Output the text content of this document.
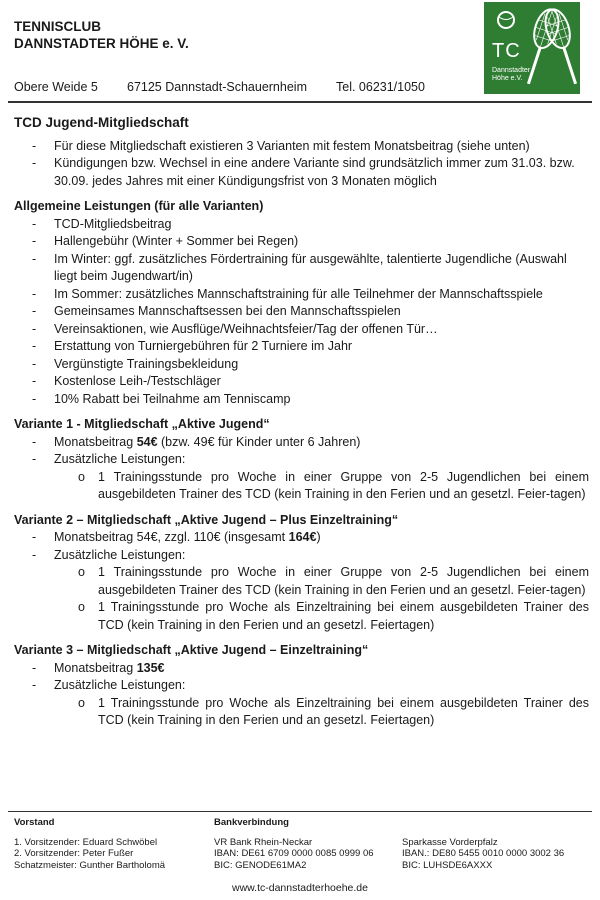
TENNISCLUB
DANNSTADTER HÖHE e. V.	TC
Dannstadter Höhe e.V.
Obere Weide 5 67125 Dannstadt-Schauernheim Tel. 06231/1050
TCD Jugend-Mitgliedschaft
-	Für diese Mitgliedschaft existieren 3 Varianten mit festem Monatsbeitrag (siehe unten)
-	Kündigungen bzw. Wechsel in eine andere Variante sind grundsätzlich immer zum 31.03. bzw. 30.09. jedes Jahres mit einer Kündigungsfrist von 3 Monaten möglich
Allgemeine Leistungen (für alle Varianten)
-	TCD-Mitgliedsbeitrag
-	Hallengebühr (Winter + Sommer bei Regen)
-	Im Winter: ggf. zusätzliches Fördertraining für ausgewählte, talentierte Jugendliche (Auswahl liegt beim Jugendwart/in)
-	Im Sommer: zusätzliches Mannschaftstraining für alle Teilnehmer der Mannschaftsspiele
-	Gemeinsames Mannschaftsessen bei den Mannschaftsspielen
-	Vereinsaktionen, wie Ausflüge/Weihnachtsfeier/Tag der offenen Tür…
-	Erstattung von Turniergebühren für 2 Turniere im Jahr
-	Vergünstigte Trainingsbekleidung
-	Kostenlose Leih-/Testschläger
-	10% Rabatt bei Teilnahme am Tenniscamp
Variante 1 - Mitgliedschaft „Aktive Jugend“
-	Monatsbeitrag 54€ (bzw. 49€ für Kinder unter 6 Jahren)
-	Zusätzliche Leistungen:
o	1 Trainingsstunde pro Woche in einer Gruppe von 2-5 Jugendlichen bei einem ausgebildeten Trainer des TCD (kein Training in den Ferien und an gesetzl. Feier-tagen)
Variante 2 – Mitgliedschaft „Aktive Jugend – Plus Einzeltraining“
-	Monatsbeitrag 54€, zzgl. 110€ (insgesamt 164€)
-	Zusätzliche Leistungen:
o	1 Trainingsstunde pro Woche in einer Gruppe von 2-5 Jugendlichen bei einem ausgebildeten Trainer des TCD (kein Training in den Ferien und an gesetzl. Feier-tagen)
o	1 Trainingsstunde pro Woche als Einzeltraining bei einem ausgebildeten Trainer des TCD (kein Training in den Ferien und an gesetzl. Feiertagen)
Variante 3 – Mitgliedschaft „Aktive Jugend – Einzeltraining“
-	Monatsbeitrag 135€
-	Zusätzliche Leistungen:
o	1 Trainingsstunde pro Woche als Einzeltraining bei einem ausgebildeten Trainer des TCD (kein Training in den Ferien und an gesetzl. Feiertagen)
Vorstand
1. Vorsitzender: Eduard Schwöbel
2. Vorsitzender: Peter Fußer
Schatzmeister: Gunther Bartholomä
Bankverbindung
VR Bank Rhein-Neckar
IBAN: DE61 6709 0000 0085 0999 06
BIC: GENODE61MA2

Sparkasse Vorderpfalz
IBAN.: DE80 5455 0010 0000 3002 36
BIC: LUHSDE6AXXX
www.tc-dannstadterhoehe.de
